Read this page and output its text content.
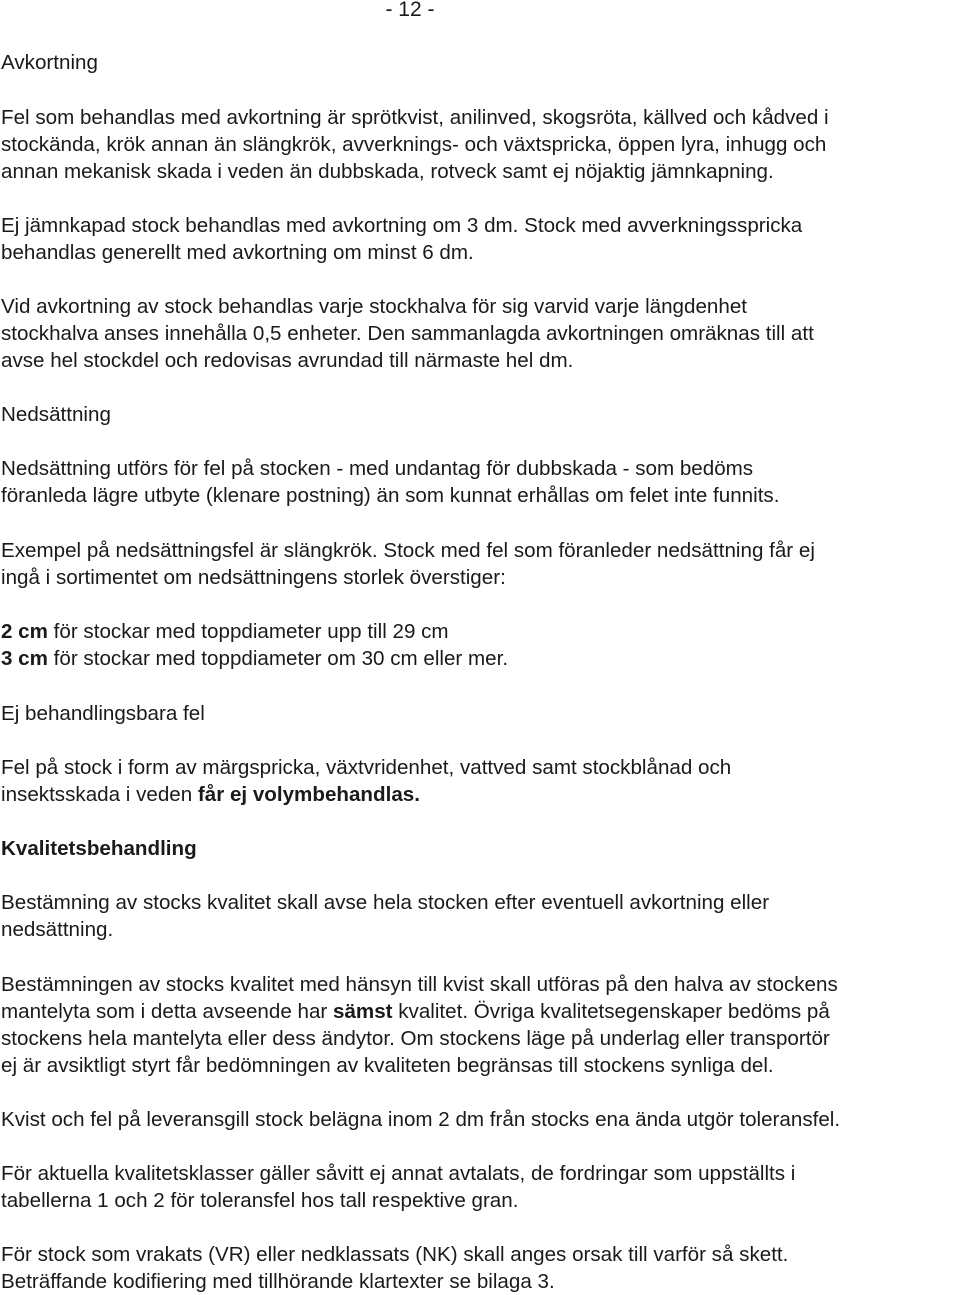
- 12 -
Avkortning
Fel som behandlas med avkortning är sprötkvist, anilinved, skogsröta, källved och kådved i
stockända, krök annan än slängkrök, avverknings- och växtspricka, öppen lyra, inhugg och
annan mekanisk skada i veden än dubbskada, rotveck samt ej nöjaktig jämnkapning.
Ej jämnkapad stock behandlas med avkortning om 3 dm. Stock med avverkningsspricka
behandlas generellt med avkortning om minst 6 dm.
Vid avkortning av stock behandlas varje stockhalva för sig varvid varje längdenhet
stockhalva anses innehålla 0,5 enheter. Den sammanlagda avkortningen omräknas till att
avse hel stockdel och redovisas avrundad till närmaste hel dm.
Nedsättning
Nedsättning utförs för fel på stocken - med undantag för dubbskada - som bedöms
föranleda lägre utbyte (klenare postning) än som kunnat erhållas om felet inte funnits.
Exempel på nedsättningsfel är slängkrök. Stock med fel som föranleder nedsättning får ej
ingå i sortimentet om nedsättningens storlek överstiger:
2 cm för stockar med toppdiameter upp till 29 cm
3 cm för stockar med toppdiameter om 30 cm eller mer.
Ej behandlingsbara fel
Fel på stock i form av märgspricka, växtvridenhet, vattved samt stockblånad och
insektsskada i veden får ej volymbehandlas.
Kvalitetsbehandling
Bestämning av stocks kvalitet skall avse hela stocken efter eventuell avkortning eller
nedsättning.
Bestämningen av stocks kvalitet med hänsyn till kvist skall utföras på den halva av stockens
mantelyta som i detta avseende har sämst kvalitet. Övriga kvalitetsegenskaper bedöms på
stockens hela mantelyta eller dess ändytor. Om stockens läge på underlag eller transportör
ej är avsiktligt styrt får bedömningen av kvaliteten begränsas till stockens synliga del.
Kvist och fel på leveransgill stock belägna inom 2 dm från stocks ena ända utgör toleransfel.
För aktuella kvalitetsklasser gäller såvitt ej annat avtalats, de fordringar som uppställts i
tabellerna 1 och 2 för toleransfel hos tall respektive gran.
För stock som vrakats (VR) eller nedklassats (NK) skall anges orsak till varför så skett.
Beträffande kodifiering med tillhörande klartexter se bilaga 3.
